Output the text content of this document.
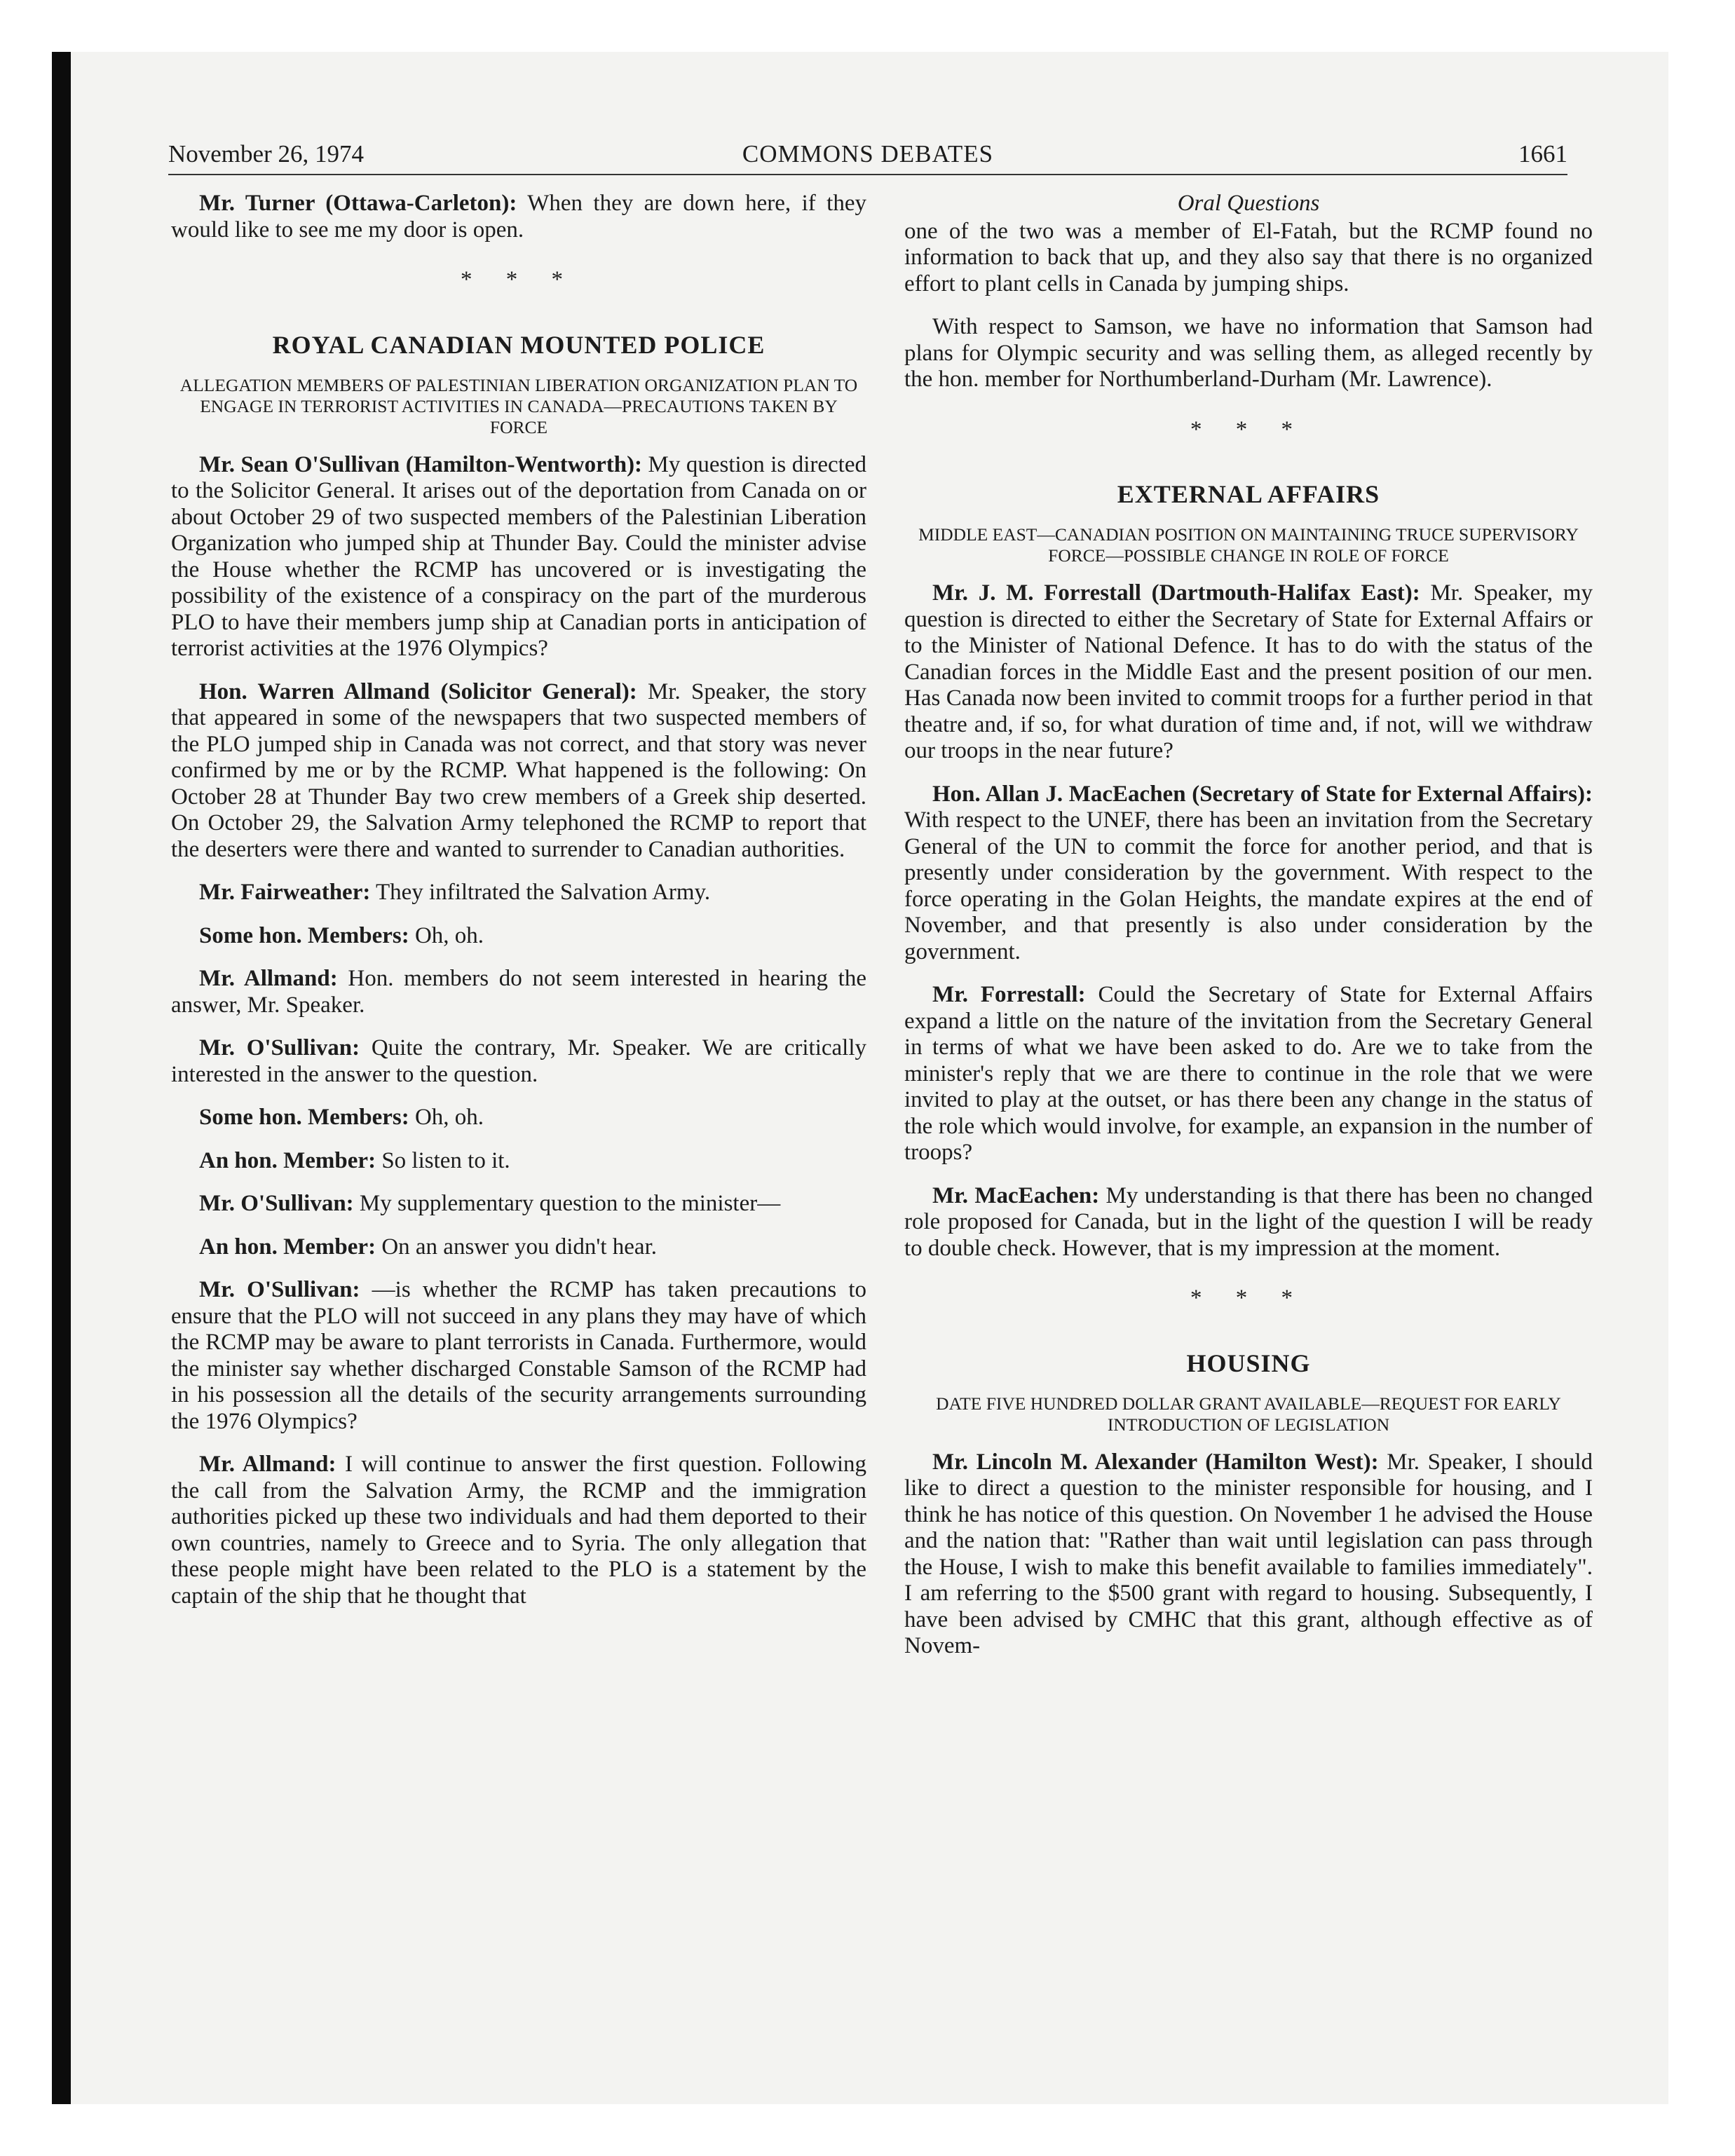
November 26, 1974	COMMONS DEBATES	1661

Mr. Turner (Ottawa-Carleton): When they are down here, if they would like to see me my door is open.

* * *
ROYAL CANADIAN MOUNTED POLICE
ALLEGATION MEMBERS OF PALESTINIAN LIBERATION ORGANIZATION PLAN TO ENGAGE IN TERRORIST ACTIVITIES IN CANADA—PRECAUTIONS TAKEN BY FORCE

Mr. Sean O'Sullivan (Hamilton-Wentworth): My question is directed to the Solicitor General. It arises out of the deportation from Canada on or about October 29 of two suspected members of the Palestinian Liberation Organization who jumped ship at Thunder Bay. Could the minister advise the House whether the RCMP has uncovered or is investigating the possibility of the existence of a conspiracy on the part of the murderous PLO to have their members jump ship at Canadian ports in anticipation of terrorist activities at the 1976 Olympics?

Hon. Warren Allmand (Solicitor General): Mr. Speaker, the story that appeared in some of the newspapers that two suspected members of the PLO jumped ship in Canada was not correct, and that story was never confirmed by me or by the RCMP. What happened is the following: On October 28 at Thunder Bay two crew members of a Greek ship deserted. On October 29, the Salvation Army telephoned the RCMP to report that the deserters were there and wanted to surrender to Canadian authorities.

Mr. Fairweather: They infiltrated the Salvation Army.

Some hon. Members: Oh, oh.

Mr. Allmand: Hon. members do not seem interested in hearing the answer, Mr. Speaker.

Mr. O'Sullivan: Quite the contrary, Mr. Speaker. We are critically interested in the answer to the question.

Some hon. Members: Oh, oh.

An hon. Member: So listen to it.

Mr. O'Sullivan: My supplementary question to the minister—

An hon. Member: On an answer you didn't hear.

Mr. O'Sullivan: —is whether the RCMP has taken precautions to ensure that the PLO will not succeed in any plans they may have of which the RCMP may be aware to plant terrorists in Canada. Furthermore, would the minister say whether discharged Constable Samson of the RCMP had in his possession all the details of the security arrangements surrounding the 1976 Olympics?

Mr. Allmand: I will continue to answer the first question. Following the call from the Salvation Army, the RCMP and the immigration authorities picked up these two individuals and had them deported to their own countries, namely to Greece and to Syria. The only allegation that these people might have been related to the PLO is a statement by the captain of the ship that he thought that

Oral Questions

one of the two was a member of El-Fatah, but the RCMP found no information to back that up, and they also say that there is no organized effort to plant cells in Canada by jumping ships.

With respect to Samson, we have no information that Samson had plans for Olympic security and was selling them, as alleged recently by the hon. member for Northumberland-Durham (Mr. Lawrence).

* * *
EXTERNAL AFFAIRS
MIDDLE EAST—CANADIAN POSITION ON MAINTAINING TRUCE SUPERVISORY FORCE—POSSIBLE CHANGE IN ROLE OF FORCE

Mr. J. M. Forrestall (Dartmouth-Halifax East): Mr. Speaker, my question is directed to either the Secretary of State for External Affairs or to the Minister of National Defence. It has to do with the status of the Canadian forces in the Middle East and the present position of our men. Has Canada now been invited to commit troops for a further period in that theatre and, if so, for what duration of time and, if not, will we withdraw our troops in the near future?

Hon. Allan J. MacEachen (Secretary of State for External Affairs): With respect to the UNEF, there has been an invitation from the Secretary General of the UN to commit the force for another period, and that is presently under consideration by the government. With respect to the force operating in the Golan Heights, the mandate expires at the end of November, and that presently is also under consideration by the government.

Mr. Forrestall: Could the Secretary of State for External Affairs expand a little on the nature of the invitation from the Secretary General in terms of what we have been asked to do. Are we to take from the minister's reply that we are there to continue in the role that we were invited to play at the outset, or has there been any change in the status of the role which would involve, for example, an expansion in the number of troops?

Mr. MacEachen: My understanding is that there has been no changed role proposed for Canada, but in the light of the question I will be ready to double check. However, that is my impression at the moment.

* * *
HOUSING
DATE FIVE HUNDRED DOLLAR GRANT AVAILABLE—REQUEST FOR EARLY INTRODUCTION OF LEGISLATION

Mr. Lincoln M. Alexander (Hamilton West): Mr. Speaker, I should like to direct a question to the minister responsible for housing, and I think he has notice of this question. On November 1 he advised the House and the nation that: "Rather than wait until legislation can pass through the House, I wish to make this benefit available to families immediately". I am referring to the $500 grant with regard to housing. Subsequently, I have been advised by CMHC that this grant, although effective as of Novem-
